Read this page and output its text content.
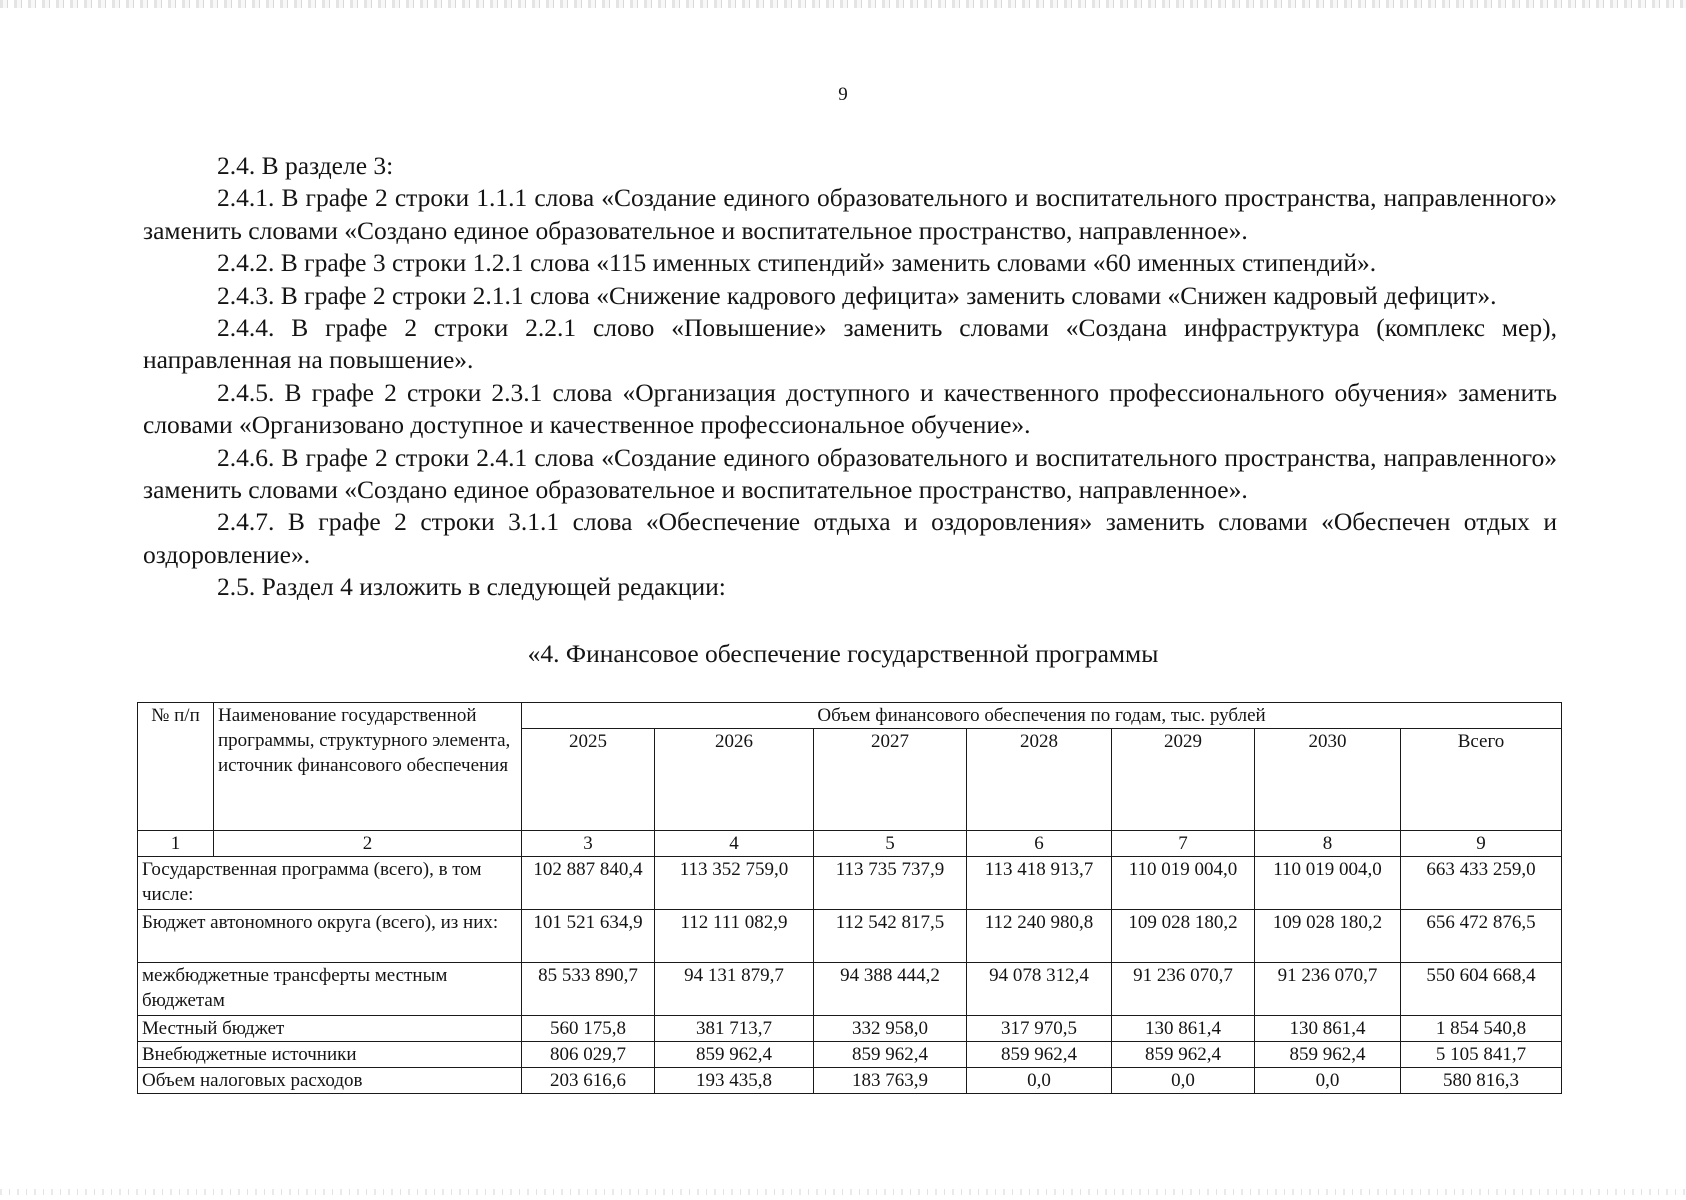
9

2.4. В разделе 3:

2.4.1. В графе 2 строки 1.1.1 слова «Создание единого образовательного и воспитательного пространства, направленного» заменить словами «Создано единое образовательное и воспитательное пространство, направленное».

2.4.2. В графе 3 строки 1.2.1 слова «115 именных стипендий» заменить словами «60 именных стипендий».

2.4.3. В графе 2 строки 2.1.1 слова «Снижение кадрового дефицита» заменить словами «Снижен кадровый дефицит».

2.4.4. В графе 2 строки 2.2.1 слово «Повышение» заменить словами «Создана инфраструктура (комплекс мер), направленная на повышение».

2.4.5. В графе 2 строки 2.3.1 слова «Организация доступного и качественного профессионального обучения» заменить словами «Организовано доступное и качественное профессиональное обучение».

2.4.6. В графе 2 строки 2.4.1 слова «Создание единого образовательного и воспитательного пространства, направленного» заменить словами «Создано единое образовательное и воспитательное пространство, направленное».

2.4.7. В графе 2 строки 3.1.1 слова «Обеспечение отдыха и оздоровления» заменить словами «Обеспечен отдых и оздоровление».

2.5. Раздел 4 изложить в следующей редакции:

«4. Финансовое обеспечение государственной программы
№ п/п	Наименование государственной программы, структурного элемента, источник финансового обеспечения	Объем финансового обеспечения по годам, тыс. рублей						
		2025	2026	2027	2028	2029	2030	Всего
1	2	3	4	5	6	7	8	9
Государственная программа (всего), в том числе:		102 887 840,4	113 352 759,0	113 735 737,9	113 418 913,7	110 019 004,0	110 019 004,0	663 433 259,0
Бюджет автономного округа (всего), из них:		101 521 634,9	112 111 082,9	112 542 817,5	112 240 980,8	109 028 180,2	109 028 180,2	656 472 876,5
межбюджетные трансферты местным бюджетам		85 533 890,7	94 131 879,7	94 388 444,2	94 078 312,4	91 236 070,7	91 236 070,7	550 604 668,4
Местный бюджет		560 175,8	381 713,7	332 958,0	317 970,5	130 861,4	130 861,4	1 854 540,8
Внебюджетные источники		806 029,7	859 962,4	859 962,4	859 962,4	859 962,4	859 962,4	5 105 841,7
Объем налоговых расходов		203 616,6	193 435,8	183 763,9	0,0	0,0	0,0	580 816,3
